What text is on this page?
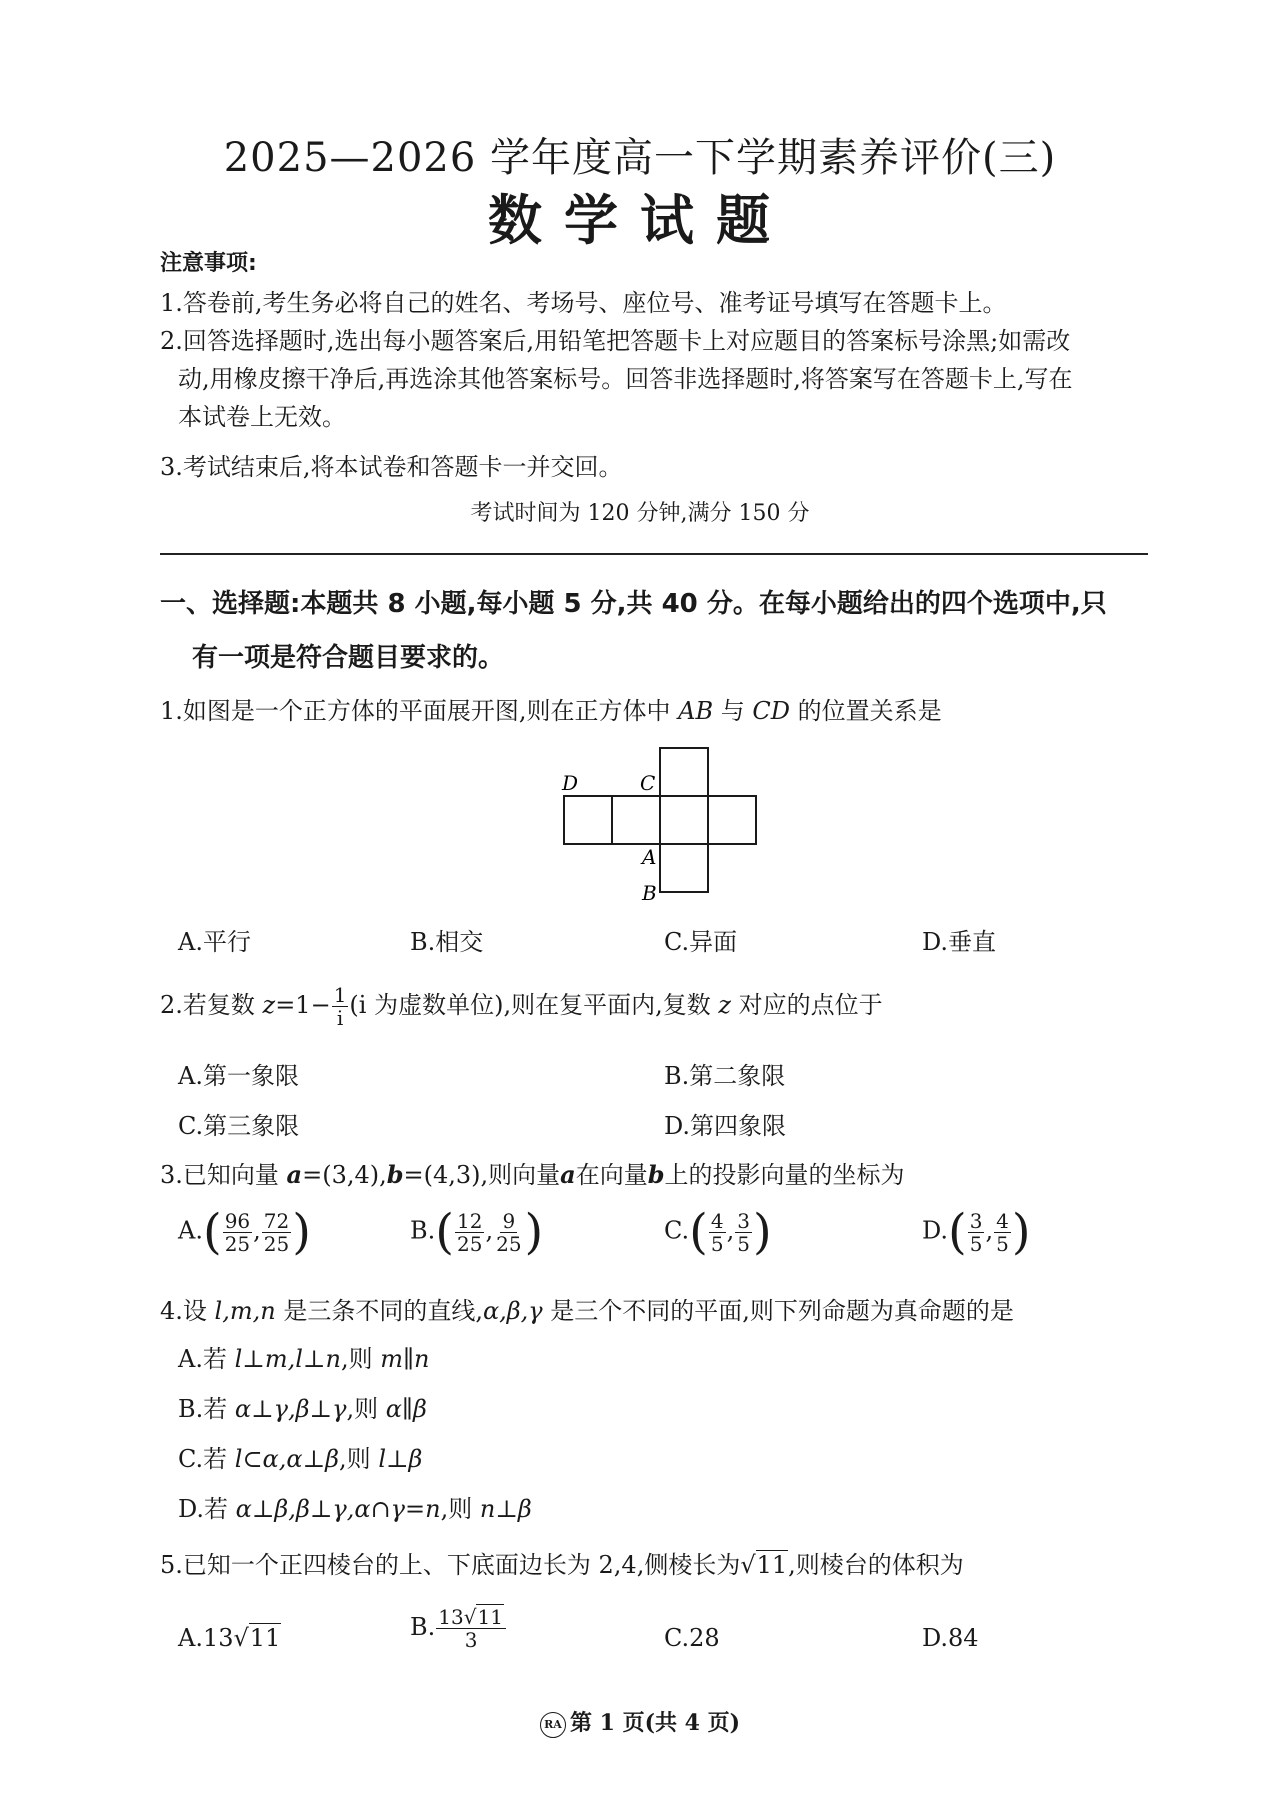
2025—2026 学年度高一下学期素养评价(三)
数学试题
注意事项:
1.答卷前,考生务必将自己的姓名、考场号、座位号、准考证号填写在答题卡上。
2.回答选择题时,选出每小题答案后,用铅笔把答题卡上对应题目的答案标号涂黑;如需改
动,用橡皮擦干净后,再选涂其他答案标号。回答非选择题时,将答案写在答题卡上,写在
本试卷上无效。
3.考试结束后,将本试卷和答题卡一并交回。
考试时间为 120 分钟,满分 150 分
一、选择题:本题共 8 小题,每小题 5 分,共 40 分。在每小题给出的四个选项中,只
有一项是符合题目要求的。
1.如图是一个正方体的平面展开图,则在正方体中 AB 与 CD 的位置关系是
D	C
A
B
A.平行	B.相交	C.异面	D.垂直
2.若复数 $z=1- \frac{1}{i} (i$ 为虚数单位),则在复平面内,复数 z 对应的点位于
A.第一象限	B.第二象限
C.第三象限	D.第四象限
3.已知向量 a=(3,4),b=(4,3),则向量a在向量b上的投影向量的坐标为
$A.( \frac{96}{25}$ , $\frac{72}{25}$ )	$B.( \frac{12}{25}$ , $\frac{9}{25}$ )	$C.( \frac{4}{5}$ , $\frac{3}{5}$ )	$D.( \frac{3}{5}$ , $\frac{4}{5}$ )
4.设 l,m,n 是三条不同的直线,α,β,γ 是三个不同的平面,则下列命题为真命题的是
A.若 l⊥m,l⊥n,则 m∥n
B.若 α⊥γ,β⊥γ,则 α∥β
C.若 l⊂α,α⊥β,则 l⊥β
D.若 α⊥β,β⊥γ,α∩γ=n,则 n⊥β
5.已知一个正四棱台的上、下底面边长为 2,4,侧棱长为√11,则棱台的体积为
A.13√11	B. $\frac{13√11}{3}$	C.28	D.84
RA 第 1 页(共 4 页)
